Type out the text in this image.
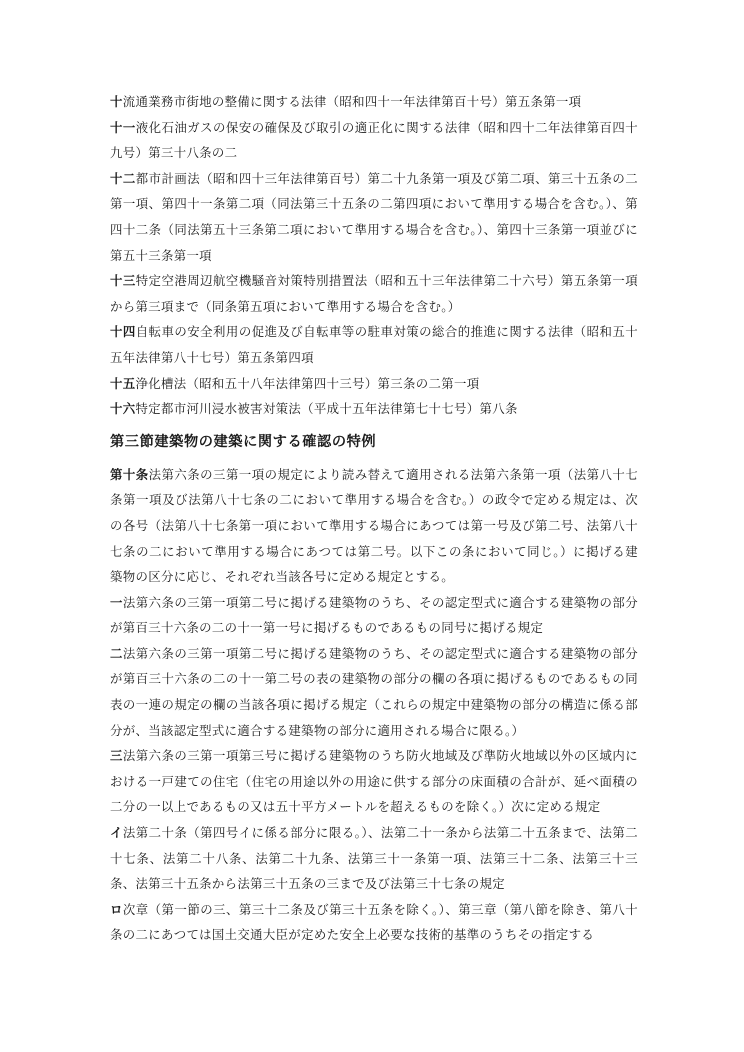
十流通業務市街地の整備に関する法律（昭和四十一年法律第百十号）第五条第一項

十一液化石油ガスの保安の確保及び取引の適正化に関する法律（昭和四十二年法律第百四十九号）第三十八条の二

十二都市計画法（昭和四十三年法律第百号）第二十九条第一項及び第二項、第三十五条の二第一項、第四十一条第二項（同法第三十五条の二第四項において準用する場合を含む。）、第四十二条（同法第五十三条第二項において準用する場合を含む。）、第四十三条第一項並びに第五十三条第一項

十三特定空港周辺航空機騒音対策特別措置法（昭和五十三年法律第二十六号）第五条第一項から第三項まで（同条第五項において準用する場合を含む。）

十四自転車の安全利用の促進及び自転車等の駐車対策の総合的推進に関する法律（昭和五十五年法律第八十七号）第五条第四項

十五浄化槽法（昭和五十八年法律第四十三号）第三条の二第一項

十六特定都市河川浸水被害対策法（平成十五年法律第七十七号）第八条

第三節建築物の建築に関する確認の特例

第十条法第六条の三第一項の規定により読み替えて適用される法第六条第一項（法第八十七条第一項及び法第八十七条の二において準用する場合を含む。）の政令で定める規定は、次の各号（法第八十七条第一項において準用する場合にあつては第一号及び第二号、法第八十七条の二において準用する場合にあつては第二号。以下この条において同じ。）に掲げる建築物の区分に応じ、それぞれ当該各号に定める規定とする。

一法第六条の三第一項第二号に掲げる建築物のうち、その認定型式に適合する建築物の部分が第百三十六条の二の十一第一号に掲げるものであるもの同号に掲げる規定

二法第六条の三第一項第二号に掲げる建築物のうち、その認定型式に適合する建築物の部分が第百三十六条の二の十一第二号の表の建築物の部分の欄の各項に掲げるものであるもの同表の一連の規定の欄の当該各項に掲げる規定（これらの規定中建築物の部分の構造に係る部分が、当該認定型式に適合する建築物の部分に適用される場合に限る。）

三法第六条の三第一項第三号に掲げる建築物のうち防火地域及び準防火地域以外の区域内における一戸建ての住宅（住宅の用途以外の用途に供する部分の床面積の合計が、延べ面積の二分の一以上であるもの又は五十平方メートルを超えるものを除く。）次に定める規定

イ法第二十条（第四号イに係る部分に限る。）、法第二十一条から法第二十五条まで、法第二十七条、法第二十八条、法第二十九条、法第三十一条第一項、法第三十二条、法第三十三条、法第三十五条から法第三十五条の三まで及び法第三十七条の規定

ロ次章（第一節の三、第三十二条及び第三十五条を除く。）、第三章（第八節を除き、第八十条の二にあつては国土交通大臣が定めた安全上必要な技術的基準のうちその指定する
